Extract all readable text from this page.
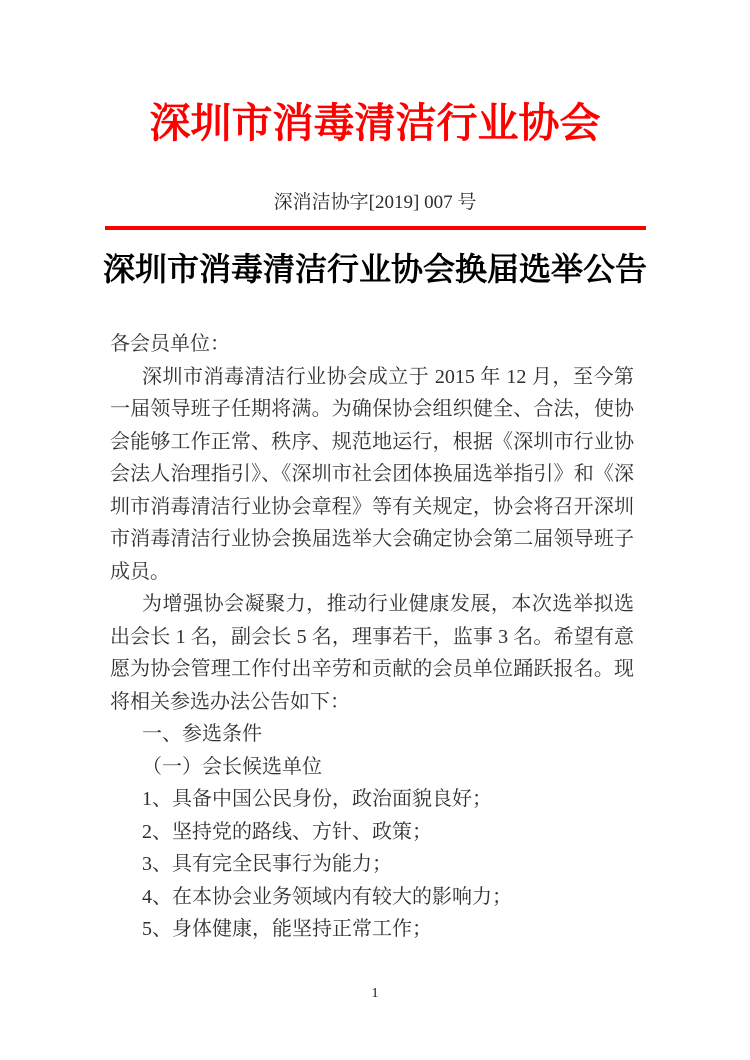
深圳市消毒清洁行业协会
深消洁协字[2019] 007 号
深圳市消毒清洁行业协会换届选举公告

各会员单位：

深圳市消毒清洁行业协会成立于 2015 年 12 月，至今第一届领导班子任期将满。为确保协会组织健全、合法，使协会能够工作正常、秩序、规范地运行，根据《深圳市行业协会法人治理指引》、《深圳市社会团体换届选举指引》和《深圳市消毒清洁行业协会章程》等有关规定，协会将召开深圳市消毒清洁行业协会换届选举大会确定协会第二届领导班子成员。

为增强协会凝聚力，推动行业健康发展，本次选举拟选出会长 1 名，副会长 5 名，理事若干，监事 3 名。希望有意愿为协会管理工作付出辛劳和贡献的会员单位踊跃报名。现将相关参选办法公告如下：

一、参选条件

（一）会长候选单位

1、具备中国公民身份，政治面貌良好；

2、坚持党的路线、方针、政策；

3、具有完全民事行为能力；

4、在本协会业务领域内有较大的影响力；

5、身体健康，能坚持正常工作；

1
